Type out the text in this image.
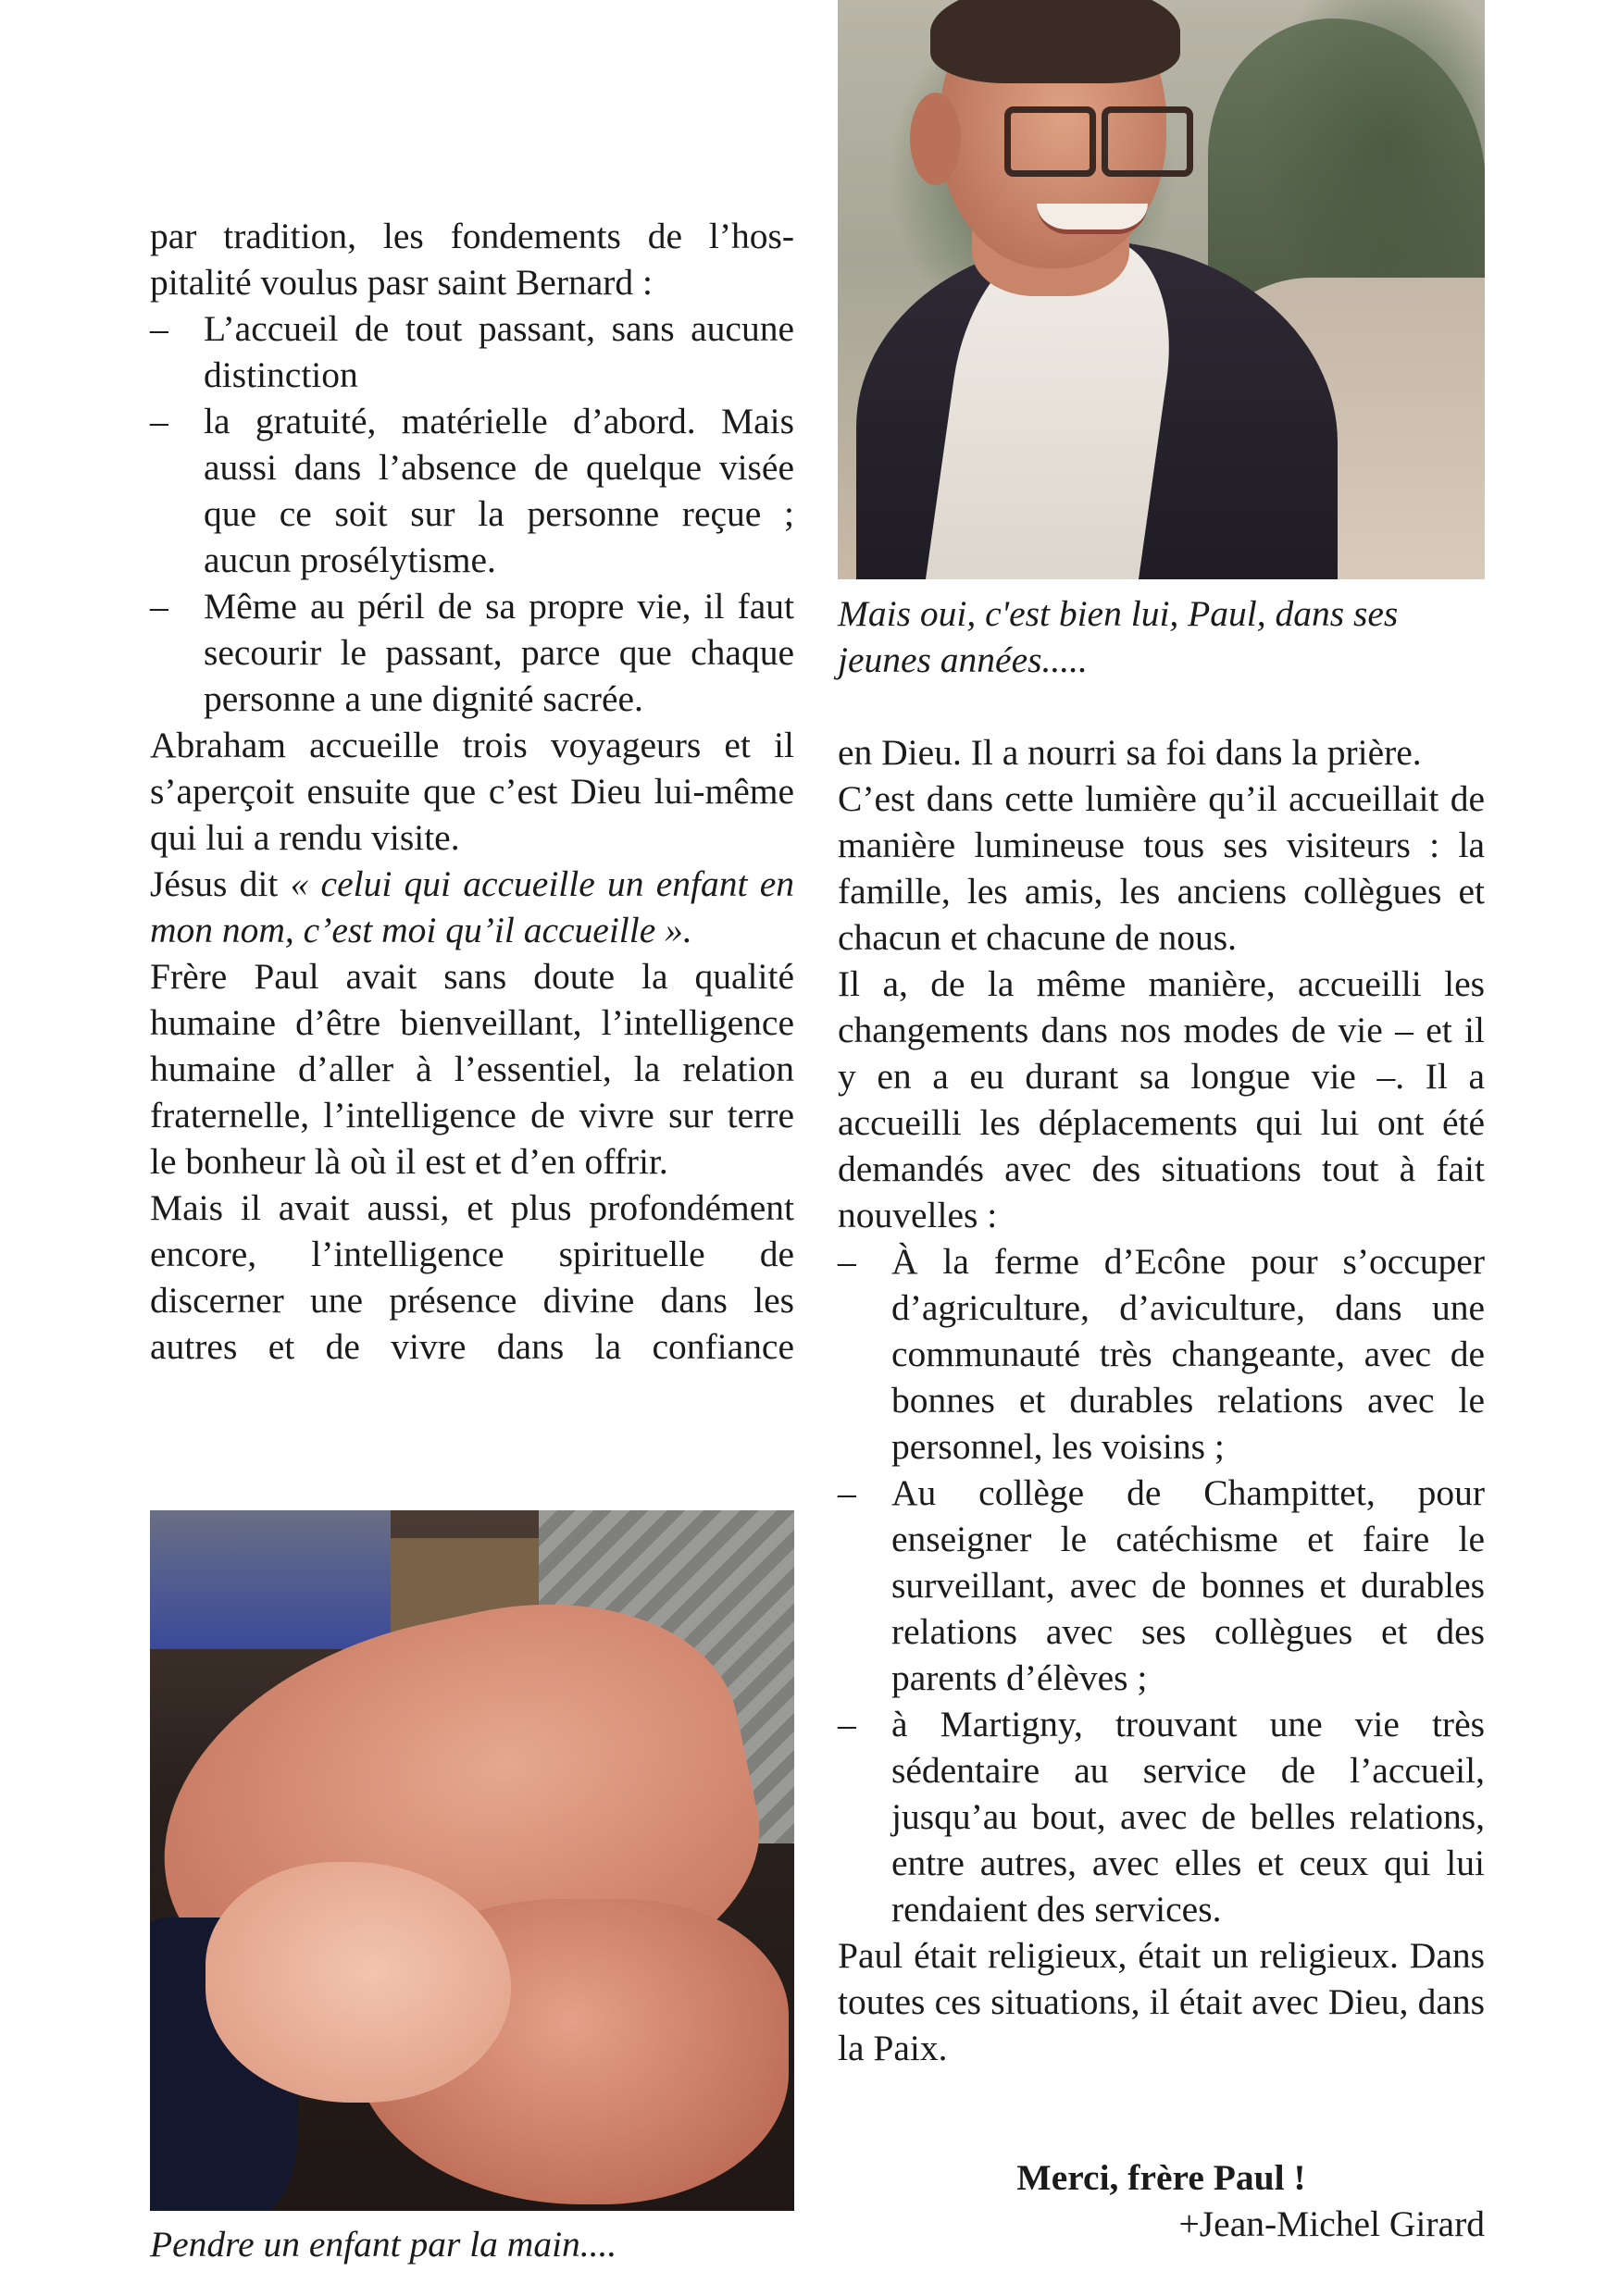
par tradition, les fondements de l’hospitalité voulus pasr saint Bernard :

– L’accueil de tout passant, sans aucune distinction
– la gratuité, matérielle d’abord. Mais aussi dans l’absence de quelque visée que ce soit sur la personne reçue ; aucun prosélytisme.
– Même au péril de sa propre vie, il faut secourir le passant, parce que chaque personne a une dignité sacrée.

Abraham accueille trois voyageurs et il s’aperçoit ensuite que c’est Dieu lui-même qui lui a rendu visite.

Jésus dit « celui qui accueille un enfant en mon nom, c’est moi qu’il accueille ».

Frère Paul avait sans doute la qualité humaine d’être bienveillant, l’intelligence humaine d’aller à l’essentiel, la relation fraternelle, l’intelligence de vivre sur terre le bonheur là où il est et d’en offrir.

Mais il avait aussi, et plus profondément encore, l’intelligence spirituelle de discerner une présence divine dans les autres et de vivre dans la confiance

Pendre un enfant par la main....

Mais oui, c'est bien lui, Paul, dans ses jeunes années.....

en Dieu. Il a nourri sa foi dans la prière.

C’est dans cette lumière qu’il accueillait de manière lumineuse tous ses visiteurs : la famille, les amis, les anciens collègues et chacun et chacune de nous.

Il a, de la même manière, accueilli les changements dans nos modes de vie – et il y en a eu durant sa longue vie –. Il a accueilli les déplacements qui lui ont été demandés avec des situations tout à fait nouvelles :

– À la ferme d’Ecône pour s’occuper d’agriculture, d’aviculture, dans une communauté très changeante, avec de bonnes et durables relations avec le personnel, les voisins ;
– Au collège de Champittet, pour enseigner le catéchisme et faire le surveillant, avec de bonnes et durables relations avec ses collègues et des parents d’élèves ;
– à Martigny, trouvant une vie très sédentaire au service de l’accueil, jusqu’au bout, avec de belles relations, entre autres, avec elles et ceux qui lui rendaient des services.

Paul était religieux, était un religieux. Dans toutes ces situations, il était avec Dieu, dans la Paix.

Merci, frère Paul !
+Jean-Michel Girard
